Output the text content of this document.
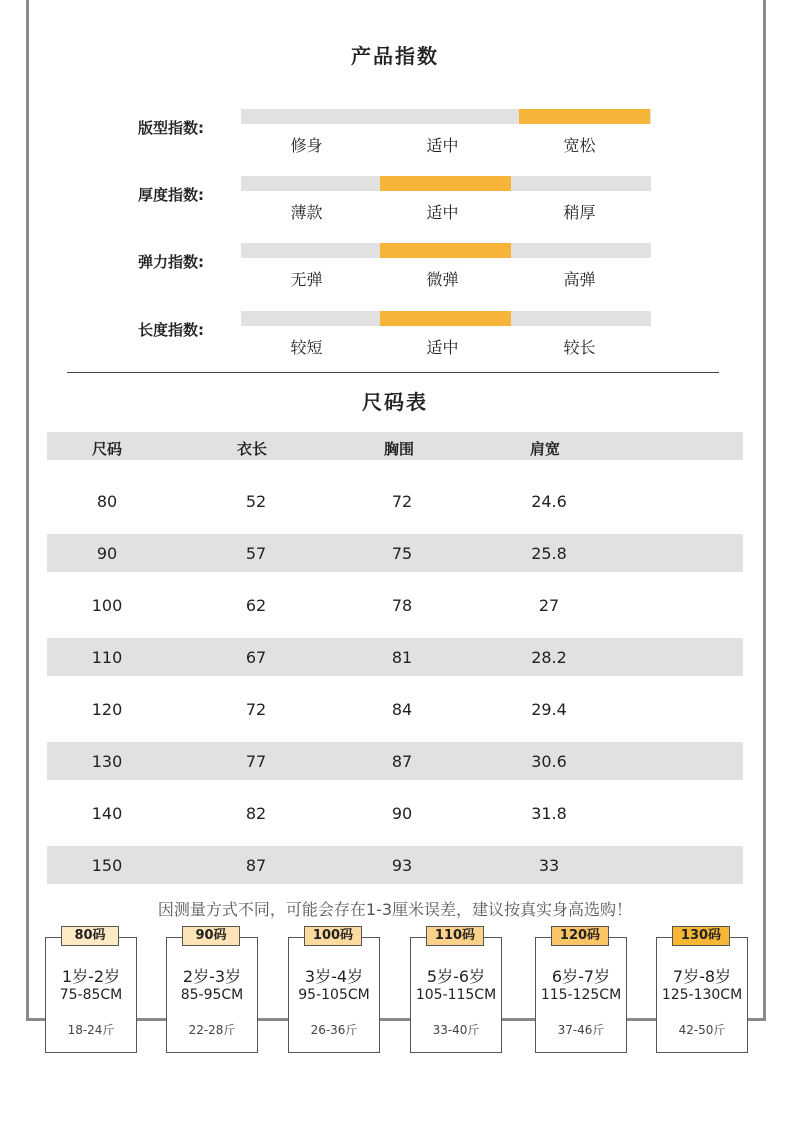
产品指数
版型指数:
修身	适中	宽松
厚度指数:
薄款	适中	稍厚
弹力指数:
无弹	微弹	高弹
长度指数:
较短	适中	较长
尺码表
尺码	衣长	胸围	肩宽
80	52	72	24.6
90	57	75	25.8
100	62	78	27
110	67	81	28.2
120	72	84	29.4
130	77	87	30.6
140	82	90	31.8
150	87	93	33
因测量方式不同，可能会存在1-3厘米误差，建议按真实身高选购！
80码
1岁-2岁
75-85CM
18-24斤
90码
2岁-3岁
85-95CM
22-28斤
100码
3岁-4岁
95-105CM
26-36斤
110码
5岁-6岁
105-115CM
33-40斤
120码
6岁-7岁
115-125CM
37-46斤
130码
7岁-8岁
125-130CM
42-50斤
